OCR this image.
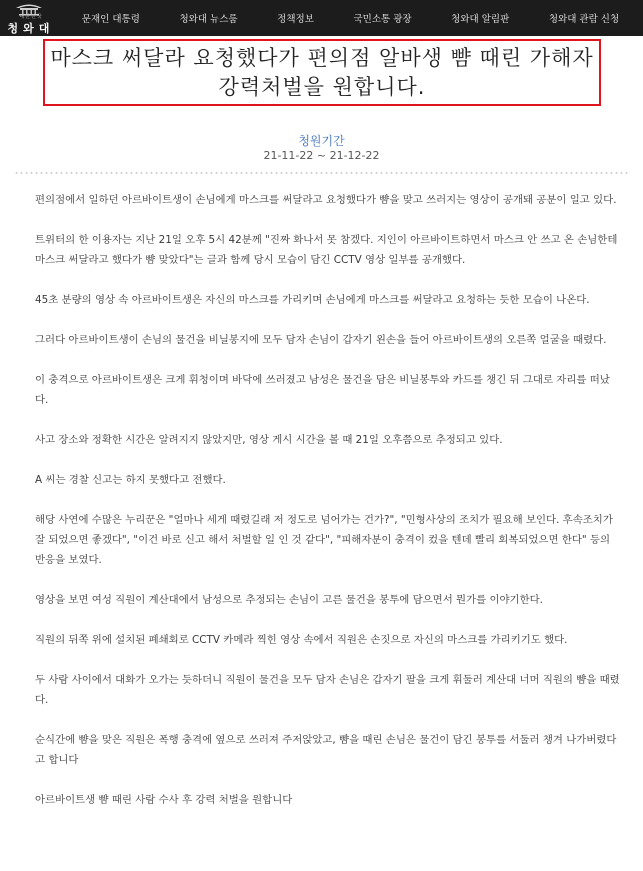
대한민국
청와대
문재인 대통령	청와대 뉴스룸	정책정보	국민소통 광장	청와대 알림판	청와대 관람 신청
마스크 써달라 요청했다가 편의점 알바생 뺨 때린 가해자
강력처벌을 원합니다.
청원기간
21-11-22 ~ 21-12-22

편의점에서 일하던 아르바이트생이 손님에게 마스크를 써달라고 요청했다가 뺨을 맞고 쓰러지는 영상이 공개돼 공분이 일고 있다.

트위터의 한 이용자는 지난 21일 오후 5시 42분께 "진짜 화나서 못 참겠다. 지인이 아르바이트하면서 마스크 안 쓰고 온 손님한테 마스크 써달라고 했다가 뺨 맞았다"는 글과 함께 당시 모습이 담긴 CCTV 영상 일부를 공개했다.

45초 분량의 영상 속 아르바이트생은 자신의 마스크를 가리키며 손님에게 마스크를 써달라고 요청하는 듯한 모습이 나온다.

그러다 아르바이트생이 손님의 물건을 비닐봉지에 모두 담자 손님이 갑자기 왼손을 들어 아르바이트생의 오른쪽 얼굴을 때렸다.

이 충격으로 아르바이트생은 크게 휘청이며 바닥에 쓰러졌고 남성은 물건을 담은 비닐봉투와 카드를 챙긴 뒤 그대로 자리를 떠났다.

사고 장소와 정확한 시간은 알려지지 않았지만, 영상 게시 시간을 볼 때 21일 오후쯤으로 추정되고 있다.

A 씨는 경찰 신고는 하지 못했다고 전했다.

해당 사연에 수많은 누리꾼은 "얼마나 세게 때렸길래 저 정도로 넘어가는 건가?", "민형사상의 조치가 필요해 보인다. 후속조치가 잘 되었으면 좋겠다", "이건 바로 신고 해서 처벌할 일 인 것 같다", "피해자분이 충격이 컸을 텐데 빨리 회복되었으면 한다" 등의 반응을 보였다.

영상을 보면 여성 직원이 계산대에서 남성으로 추정되는 손님이 고른 물건을 봉투에 담으면서 뭔가를 이야기한다.

직원의 뒤쪽 위에 설치된 폐쇄회로 CCTV 카메라 찍힌 영상 속에서 직원은 손짓으로 자신의 마스크를 가리키기도 했다.

두 사람 사이에서 대화가 오가는 듯하더니 직원이 물건을 모두 담자 손님은 갑자기 팔을 크게 휘둘러 계산대 너머 직원의 뺨을 때렸다.

순식간에 뺨을 맞은 직원은 폭행 충격에 옆으로 쓰러져 주저앉았고, 뺨을 때린 손님은 물건이 담긴 봉투를 서둘러 챙겨 나가버렸다고 합니다

아르바이트생 뺨 때린 사람 수사 후 강력 처벌을 원합니다
